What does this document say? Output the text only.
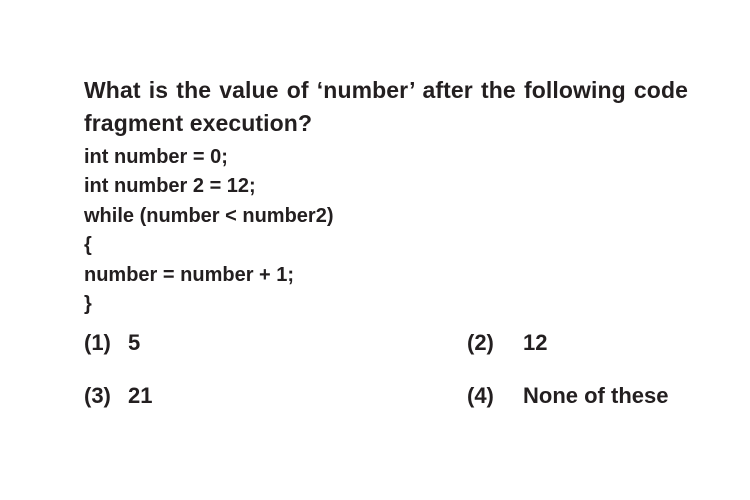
What is the value of ‘number’ after the following code fragment execution?
int number = 0;
int number 2 = 12;
while (number < number2)
{
number = number + 1;
}
(1) 5	(2) 12
(3) 21	(4) None of these
